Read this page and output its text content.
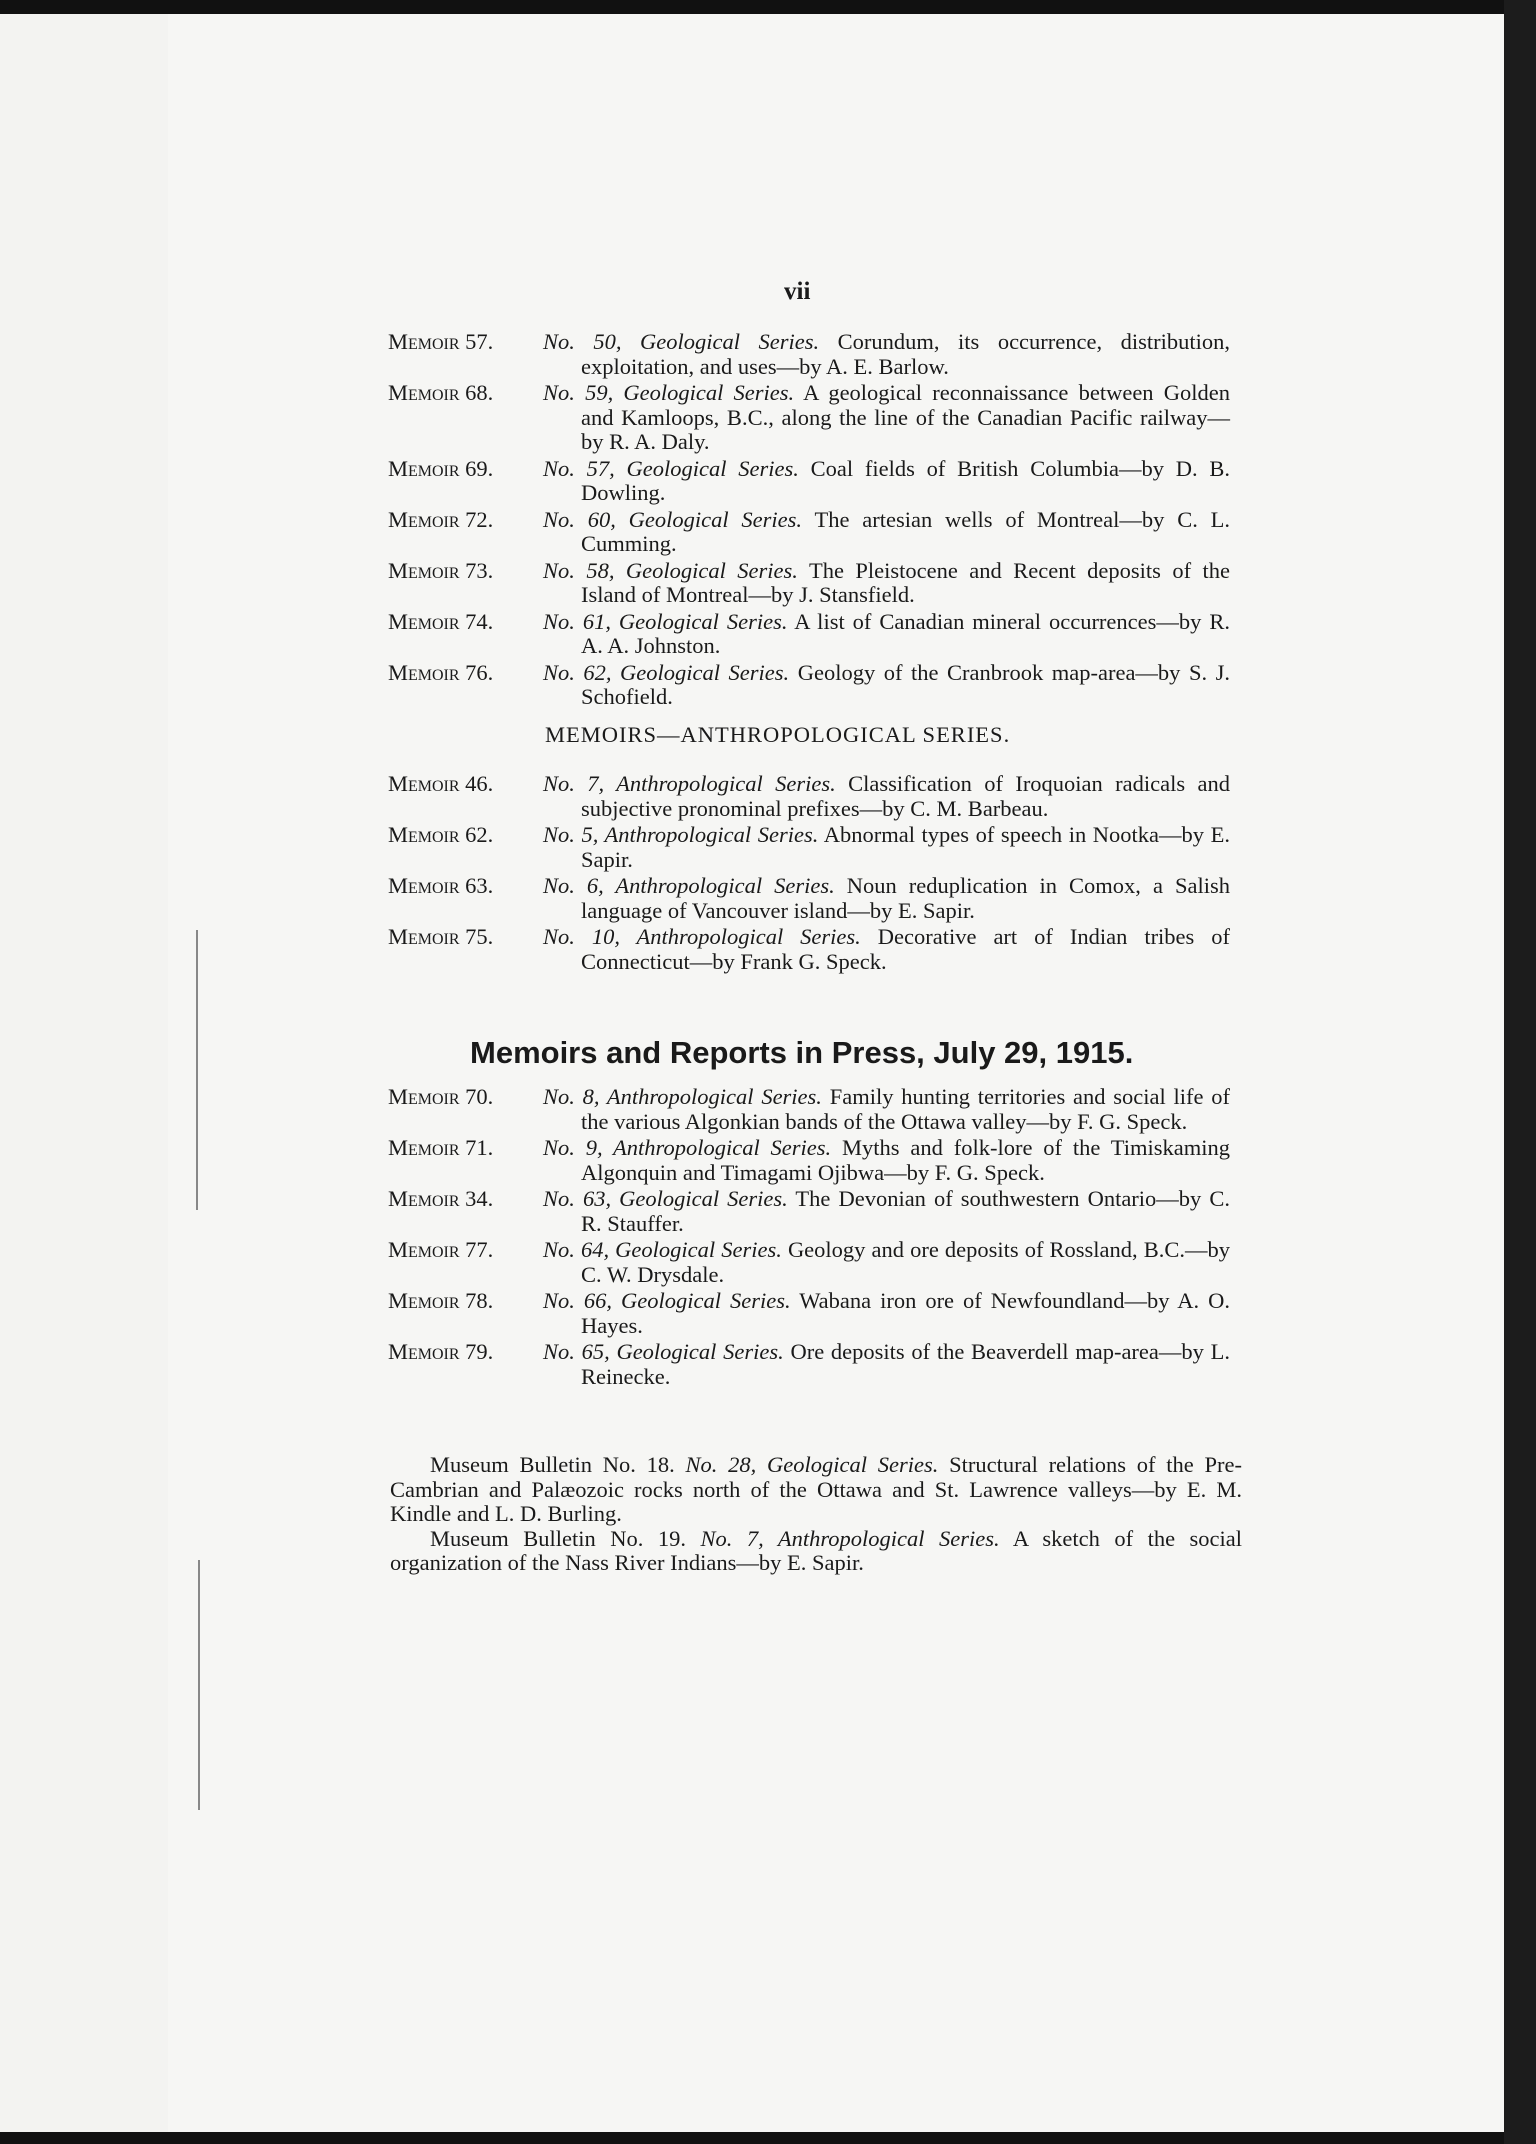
vii
Memoir 57.	No. 50, Geological Series. Corundum, its occurrence, distribution, exploitation, and uses—by A. E. Barlow.
Memoir 68.	No. 59, Geological Series. A geological reconnaissance between Golden and Kamloops, B.C., along the line of the Canadian Pacific railway—by R. A. Daly.
Memoir 69.	No. 57, Geological Series. Coal fields of British Columbia—by D. B. Dowling.
Memoir 72.	No. 60, Geological Series. The artesian wells of Montreal—by C. L. Cumming.
Memoir 73.	No. 58, Geological Series. The Pleistocene and Recent deposits of the Island of Montreal—by J. Stansfield.
Memoir 74.	No. 61, Geological Series. A list of Canadian mineral occurrences—by R. A. A. Johnston.
Memoir 76.	No. 62, Geological Series. Geology of the Cranbrook map-area—by S. J. Schofield.
MEMOIRS—ANTHROPOLOGICAL SERIES.
Memoir 46.	No. 7, Anthropological Series. Classification of Iroquoian radicals and subjective pronominal prefixes—by C. M. Barbeau.
Memoir 62.	No. 5, Anthropological Series. Abnormal types of speech in Nootka—by E. Sapir.
Memoir 63.	No. 6, Anthropological Series. Noun reduplication in Comox, a Salish language of Vancouver island—by E. Sapir.
Memoir 75.	No. 10, Anthropological Series. Decorative art of Indian tribes of Connecticut—by Frank G. Speck.
Memoirs and Reports in Press, July 29, 1915.
Memoir 70.	No. 8, Anthropological Series. Family hunting territories and social life of the various Algonkian bands of the Ottawa valley—by F. G. Speck.
Memoir 71.	No. 9, Anthropological Series. Myths and folk-lore of the Timiskaming Algonquin and Timagami Ojibwa—by F. G. Speck.
Memoir 34.	No. 63, Geological Series. The Devonian of southwestern Ontario—by C. R. Stauffer.
Memoir 77.	No. 64, Geological Series. Geology and ore deposits of Rossland, B.C.—by C. W. Drysdale.
Memoir 78.	No. 66, Geological Series. Wabana iron ore of Newfoundland—by A. O. Hayes.
Memoir 79.	No. 65, Geological Series. Ore deposits of the Beaverdell map-area—by L. Reinecke.

Museum Bulletin No. 18. No. 28, Geological Series. Structural relations of the Pre-Cambrian and Palæozoic rocks north of the Ottawa and St. Lawrence valleys—by E. M. Kindle and L. D. Burling.

Museum Bulletin No. 19. No. 7, Anthropological Series. A sketch of the social organization of the Nass River Indians—by E. Sapir.
